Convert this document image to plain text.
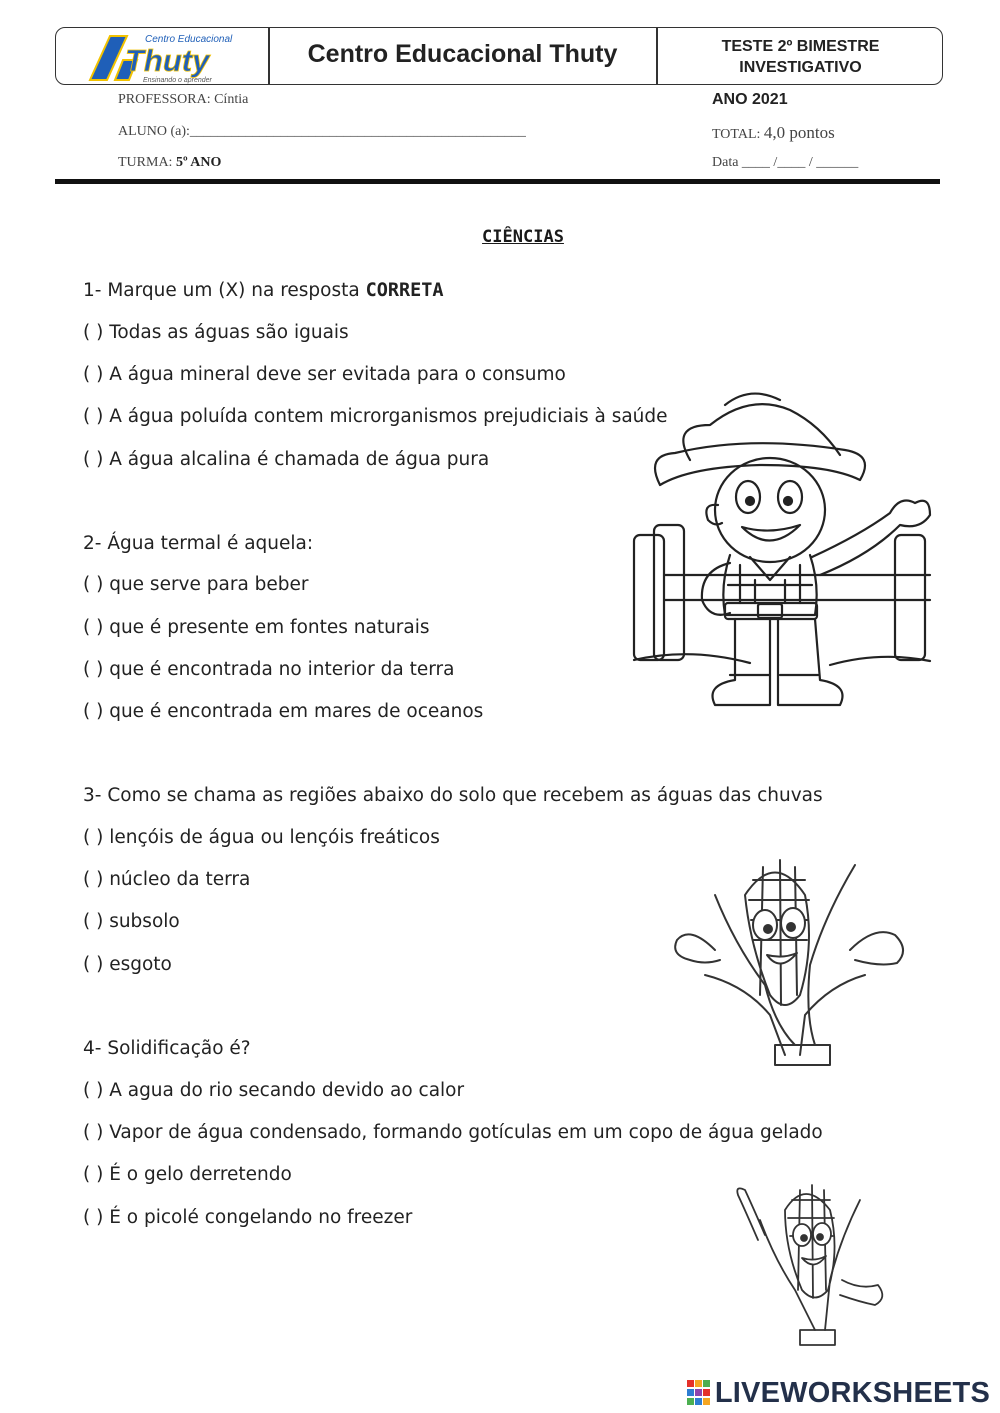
Centro Educacional
Thuty
Ensinando o aprender
Centro Educacional Thuty	TESTE 2º BIMESTRE
INVESTIGATIVO
PROFESSORA: Cíntia
ALUNO (a):________________________________________________
TURMA: 5º ANO
ANO 2021
TOTAL: 4,0 pontos
Data ____ /____ / ______
CIÊNCIAS
1- Marque um (X) na resposta CORRETA
( ) Todas as águas são iguais
( ) A água mineral deve ser evitada para o consumo
( ) A água poluída contem microrganismos prejudiciais à saúde
( ) A água alcalina é chamada de água pura
2- Água termal é aquela:
( ) que serve para beber
( ) que é presente em fontes naturais
( ) que é encontrada no interior da terra
( ) que é encontrada em mares de oceanos
3- Como se chama as regiões abaixo do solo que recebem as águas das chuvas
( ) lençóis de água ou lençóis freáticos
( ) núcleo da terra
( ) subsolo
( ) esgoto
4- Solidificação é?
( ) A agua do rio secando devido ao calor
( ) Vapor de água condensado, formando gotículas em um copo de água gelado
( ) É o gelo derretendo
( ) É o picolé congelando no freezer
LIVEWORKSHEETS
